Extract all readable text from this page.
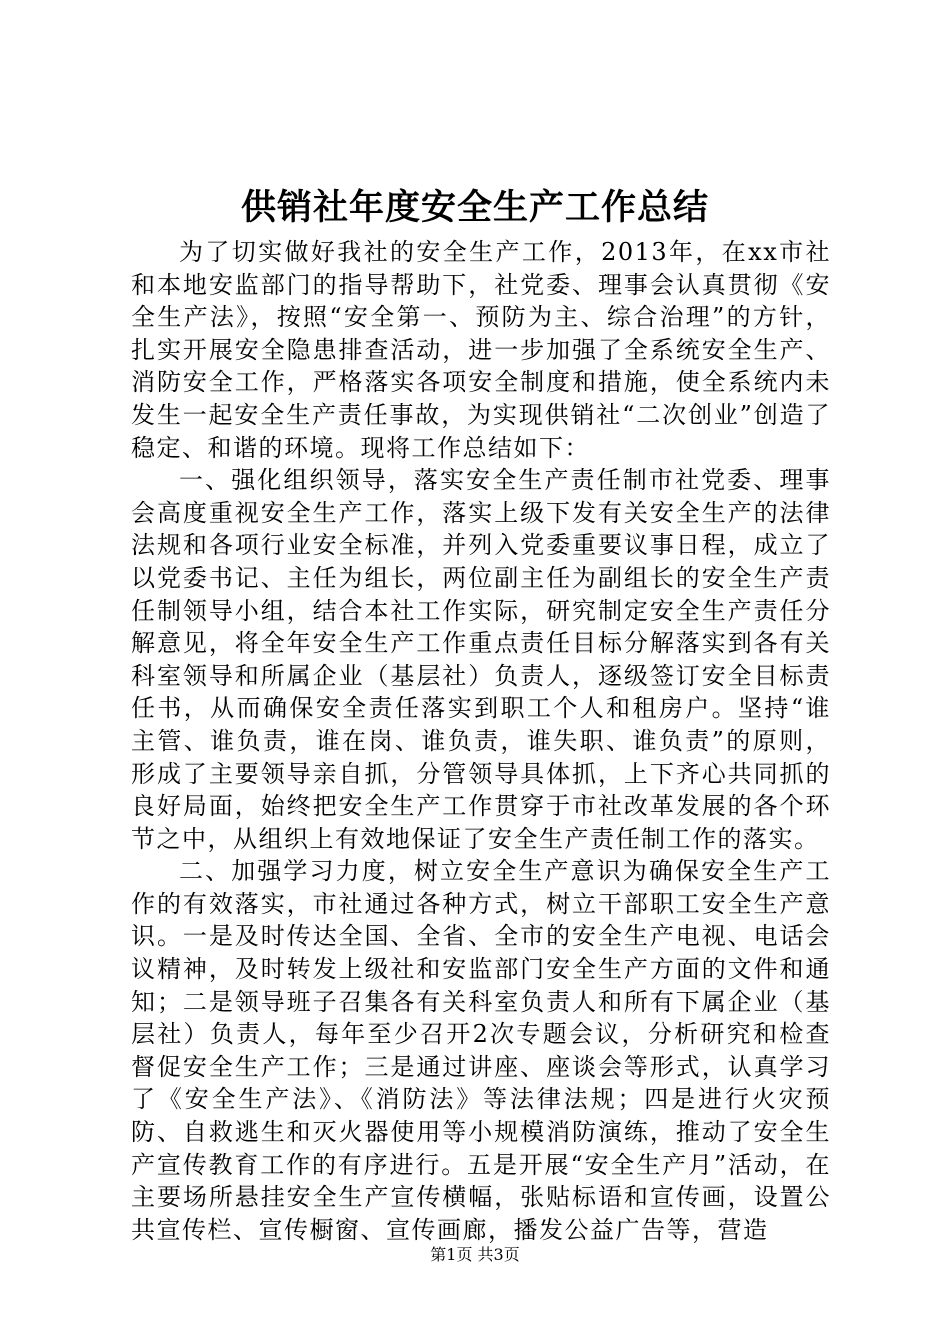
供销社年度安全生产工作总结

为了切实做好我社的安全生产工作，2013年，在xx市社和本地安监部门的指导帮助下，社党委、理事会认真贯彻《安全生产法》，按照“安全第一、预防为主、综合治理”的方针，扎实开展安全隐患排查活动，进一步加强了全系统安全生产、消防安全工作，严格落实各项安全制度和措施，使全系统内未发生一起安全生产责任事故，为实现供销社“二次创业”创造了稳定、和谐的环境。现将工作总结如下：

一、强化组织领导，落实安全生产责任制市社党委、理事会高度重视安全生产工作，落实上级下发有关安全生产的法律法规和各项行业安全标准，并列入党委重要议事日程，成立了以党委书记、主任为组长，两位副主任为副组长的安全生产责任制领导小组，结合本社工作实际，研究制定安全生产责任分解意见，将全年安全生产工作重点责任目标分解落实到各有关科室领导和所属企业（基层社）负责人，逐级签订安全目标责任书，从而确保安全责任落实到职工个人和租房户。坚持“谁主管、谁负责，谁在岗、谁负责，谁失职、谁负责”的原则，形成了主要领导亲自抓，分管领导具体抓，上下齐心共同抓的良好局面，始终把安全生产工作贯穿于市社改革发展的各个环节之中，从组织上有效地保证了安全生产责任制工作的落实。

二、加强学习力度，树立安全生产意识为确保安全生产工作的有效落实，市社通过各种方式，树立干部职工安全生产意识。一是及时传达全国、全省、全市的安全生产电视、电话会议精神，及时转发上级社和安监部门安全生产方面的文件和通知；二是领导班子召集各有关科室负责人和所有下属企业（基层社）负责人，每年至少召开2次专题会议，分析研究和检查督促安全生产工作；三是通过讲座、座谈会等形式，认真学习了《安全生产法》、《消防法》等法律法规；四是进行火灾预防、自救逃生和灭火器使用等小规模消防演练，推动了安全生产宣传教育工作的有序进行。五是开展“安全生产月”活动，在主要场所悬挂安全生产宣传横幅，张贴标语和宣传画，设置公共宣传栏、宣传橱窗、宣传画廊，播发公益广告等，营造

第1页 共3页
